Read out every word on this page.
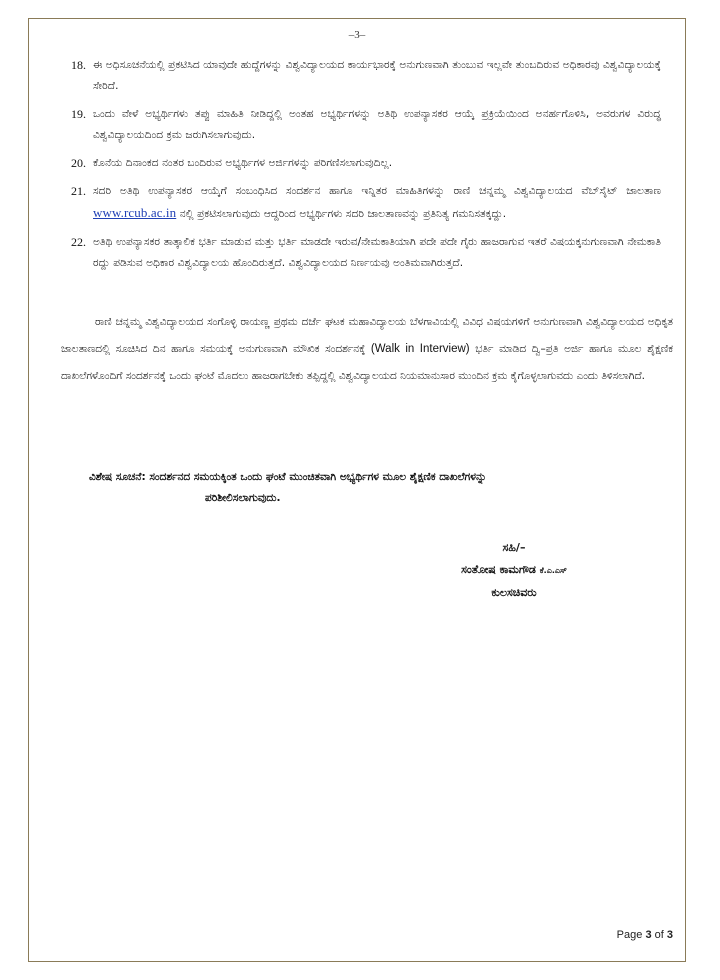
–3–
18. ಈ ಅಧಿಸೂಚನೆಯಲ್ಲಿ ಪ್ರಕಟಿಸಿದ ಯಾವುದೇ ಹುದ್ದೆಗಳನ್ನು ವಿಶ್ವವಿದ್ಯಾಲಯದ ಕಾರ್ಯಭಾರಕ್ಕೆ ಅನುಗುಣವಾಗಿ ತುಂಬುವ ಇಲ್ಲವೇ ತುಂಬದಿರುವ ಅಧಿಕಾರವು ವಿಶ್ವವಿದ್ಯಾಲಯಕ್ಕೆ ಸೇರಿದೆ.
19. ಒಂದು ವೇಳೆ ಅಭ್ಯರ್ಥಿಗಳು ತಪ್ಪು ಮಾಹಿತಿ ನೀಡಿದ್ದಲ್ಲಿ ಅಂತಹ ಅಭ್ಯರ್ಥಿಗಳನ್ನು ಅತಿಥಿ ಉಪನ್ಯಾಸಕರ ಆಯ್ಕೆ ಪ್ರಕ್ರಿಯೆಯಿಂದ ಅನರ್ಹಗೊಳಿಸಿ, ಅವರುಗಳ ವಿರುದ್ಧ ವಿಶ್ವವಿದ್ಯಾಲಯದಿಂದ ಕ್ರಮ ಜರುಗಿಸಲಾಗುವುದು.
20. ಕೊನೆಯ ದಿನಾಂಕದ ನಂತರ ಬಂದಿರುವ ಅಭ್ಯರ್ಥಿಗಳ ಅರ್ಜಿಗಳನ್ನು ಪರಿಗಣಿಸಲಾಗುವುದಿಲ್ಲ.
21. ಸದರಿ ಅತಿಥಿ ಉಪನ್ಯಾಸಕರ ಆಯ್ಕೆಗೆ ಸಂಬಂಧಿಸಿದ ಸಂದರ್ಶನ ಹಾಗೂ ಇನ್ನಿತರ ಮಾಹಿತಿಗಳನ್ನು ರಾಣಿ ಚನ್ನಮ್ಮ ವಿಶ್ವವಿದ್ಯಾಲಯದ ವೆಬ್‌ಸೈಟ್ ಜಾಲತಾಣ www.rcub.ac.in ನಲ್ಲಿ ಪ್ರಕಟಿಸಲಾಗುವುದು ಆದ್ದರಿಂದ ಅಭ್ಯರ್ಥಿಗಳು ಸದರಿ ಜಾಲತಾಣವನ್ನು ಪ್ರತಿನಿತ್ಯ ಗಮನಿಸತಕ್ಕದ್ದು.
22. ಅತಿಥಿ ಉಪನ್ಯಾಸಕರ ತಾತ್ಕಾಲಿಕ ಭರ್ತಿ ಮಾಡುವ ಮತ್ತು ಭರ್ತಿ ಮಾಡದೇ ಇರುವ/ನೇಮಕಾತಿಯಾಗಿ ಪದೇ ಪದೇ ಗೈರು ಹಾಜರಾಗುವ ಇತರೆ ವಿಷಯಕ್ಕನುಗುಣವಾಗಿ ನೇಮಕಾತಿ ರದ್ದು ಪಡಿಸುವ ಅಧಿಕಾರ ವಿಶ್ವವಿದ್ಯಾಲಯ ಹೊಂದಿರುತ್ತದೆ. ವಿಶ್ವವಿದ್ಯಾಲಯದ ನಿರ್ಣಯವು ಅಂತಿಮವಾಗಿರುತ್ತದೆ.
ರಾಣಿ ಚನ್ನಮ್ಮ ವಿಶ್ವವಿದ್ಯಾಲಯದ ಸಂಗೊಳ್ಳಿ ರಾಯಣ್ಣ ಪ್ರಥಮ ದರ್ಜೆ ಘಟಕ ಮಹಾವಿದ್ಯಾಲಯ ಬೆಳಗಾವಿಯಲ್ಲಿ ವಿವಿಧ ವಿಷಯಗಳಿಗೆ ಅನುಗುಣವಾಗಿ ವಿಶ್ವವಿದ್ಯಾಲಯದ ಅಧಿಕೃತ ಜಾಲತಾಣದಲ್ಲಿ ಸೂಚಿಸಿದ ದಿನ ಹಾಗೂ ಸಮಯಕ್ಕೆ ಅನುಗುಣವಾಗಿ ಮೌಖಿಕ ಸಂದರ್ಶನಕ್ಕೆ (Walk in Interview) ಭರ್ತಿ ಮಾಡಿದ ದ್ವಿ–ಪ್ರತಿ ಅರ್ಜಿ ಹಾಗೂ ಮೂಲ ಶೈಕ್ಷಣಿಕ ದಾಖಲೆಗಳೊಂದಿಗೆ ಸಂದರ್ಶನಕ್ಕೆ ಒಂದು ಘಂಟೆ ಮೊದಲು ಹಾಜರಾಗಬೇಕು ತಪ್ಪಿದ್ದಲ್ಲಿ ವಿಶ್ವವಿದ್ಯಾಲಯದ ನಿಯಮಾನುಸಾರ ಮುಂದಿನ ಕ್ರಮ ಕೈಗೊಳ್ಳಲಾಗುವದು ಎಂದು ತಿಳಿಸಲಾಗಿದೆ.
ವಿಶೇಷ ಸೂಚನೆ: ಸಂದರ್ಶನದ ಸಮಯಕ್ಕಿಂತ ಒಂದು ಘಂಟೆ ಮುಂಚಿತವಾಗಿ ಅಭ್ಯರ್ಥಿಗಳ ಮೂಲ ಶೈಕ್ಷಣಿಕ ದಾಖಲೆಗಳನ್ನು
ಪರಿಶೀಲಿಸಲಾಗುವುದು.
ಸಹಿ/–
ಸಂತೋಷ ಕಾಮಗೌಡ ಕೆ.ಎ.ಎಸ್
ಕುಲಸಚಿವರು
Page 3 of 3
